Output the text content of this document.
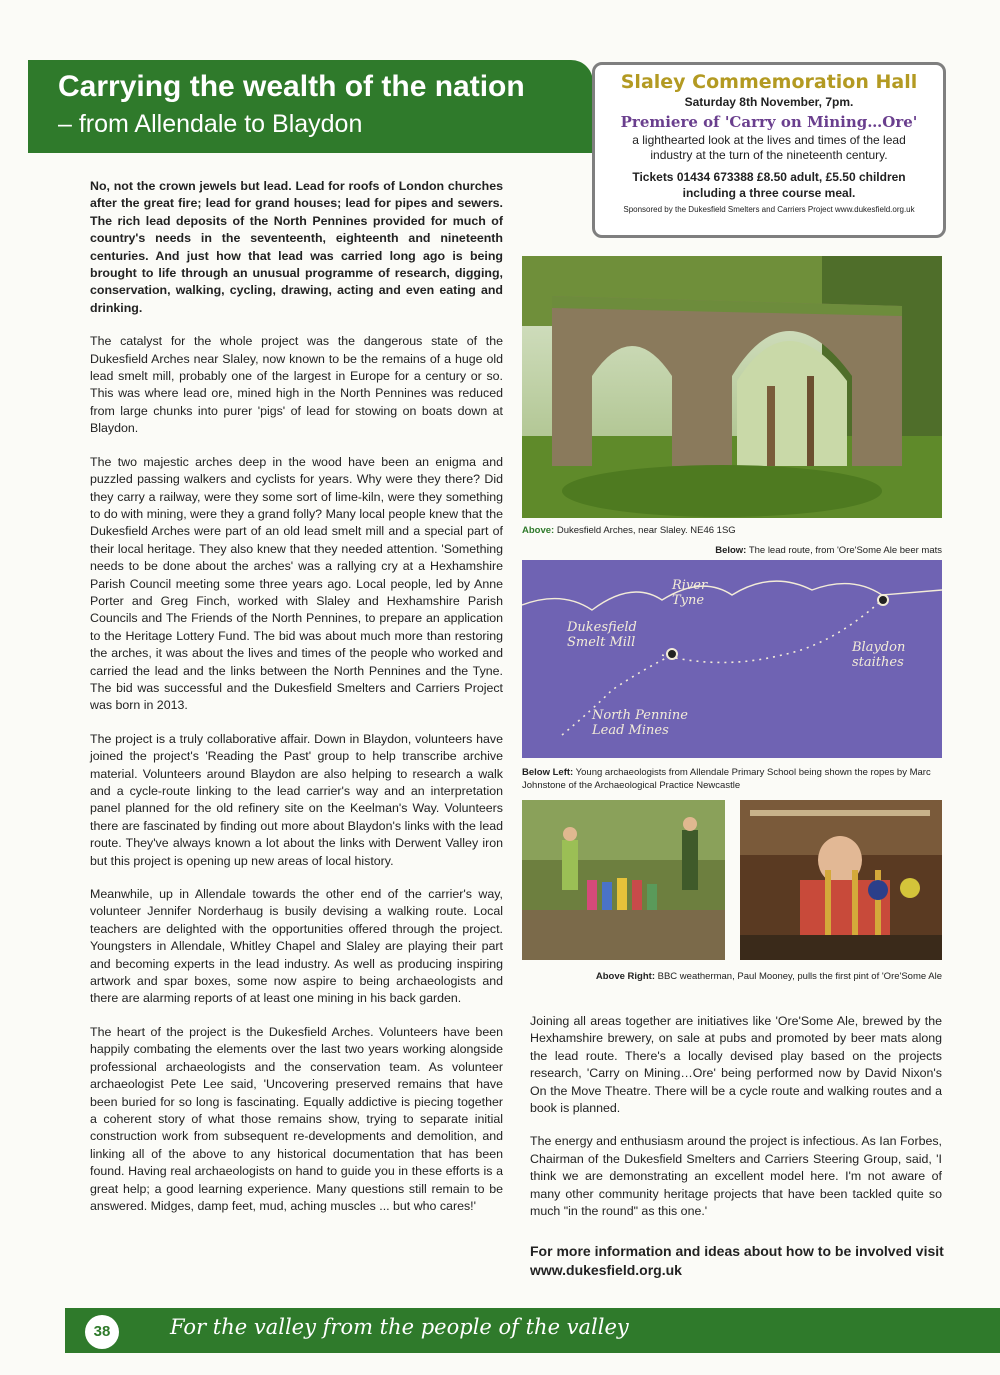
Carrying the wealth of the nation
– from Allendale to Blaydon
Slaley Commemoration Hall
Saturday 8th November, 7pm.
Premiere of 'Carry on Mining…Ore'
a lighthearted look at the lives and times of the lead industry at the turn of the nineteenth century.
Tickets 01434 673388 £8.50 adult, £5.50 children
including a three course meal.
Sponsored by the Dukesfield Smelters and Carriers Project www.dukesfield.org.uk

No, not the crown jewels but lead. Lead for roofs of London churches after the great fire; lead for grand houses; lead for pipes and sewers. The rich lead deposits of the North Pennines provided for much of country's needs in the seventeenth, eighteenth and nineteenth centuries. And just how that lead was carried long ago is being brought to life through an unusual programme of research, digging, conservation, walking, cycling, drawing, acting and even eating and drinking.

The catalyst for the whole project was the dangerous state of the Dukesfield Arches near Slaley, now known to be the remains of a huge old lead smelt mill, probably one of the largest in Europe for a century or so. This was where lead ore, mined high in the North Pennines was reduced from large chunks into purer 'pigs' of lead for stowing on boats down at Blaydon.

The two majestic arches deep in the wood have been an enigma and puzzled passing walkers and cyclists for years. Why were they there? Did they carry a railway, were they some sort of lime-kiln, were they something to do with mining, were they a grand folly? Many local people knew that the Dukesfield Arches were part of an old lead smelt mill and a special part of their local heritage. They also knew that they needed attention. 'Something needs to be done about the arches' was a rallying cry at a Hexhamshire Parish Council meeting some three years ago. Local people, led by Anne Porter and Greg Finch, worked with Slaley and Hexhamshire Parish Councils and The Friends of the North Pennines, to prepare an application to the Heritage Lottery Fund. The bid was about much more than restoring the arches, it was about the lives and times of the people who worked and carried the lead and the links between the North Pennines and the Tyne. The bid was successful and the Dukesfield Smelters and Carriers Project was born in 2013.

The project is a truly collaborative affair. Down in Blaydon, volunteers have joined the project's 'Reading the Past' group to help transcribe archive material. Volunteers around Blaydon are also helping to research a walk and a cycle-route linking to the lead carrier's way and an interpretation panel planned for the old refinery site on the Keelman's Way. Volunteers there are fascinated by finding out more about Blaydon's links with the lead route. They've always known a lot about the links with Derwent Valley iron but this project is opening up new areas of local history.

Meanwhile, up in Allendale towards the other end of the carrier's way, volunteer Jennifer Norderhaug is busily devising a walking route. Local teachers are delighted with the opportunities offered through the project. Youngsters in Allendale, Whitley Chapel and Slaley are playing their part and becoming experts in the lead industry. As well as producing inspiring artwork and spar boxes, some now aspire to being archaeologists and there are alarming reports of at least one mining in his back garden.

The heart of the project is the Dukesfield Arches. Volunteers have been happily combating the elements over the last two years working alongside professional archaeologists and the conservation team. As volunteer archaeologist Pete Lee said, 'Uncovering preserved remains that have been buried for so long is fascinating. Equally addictive is piecing together a coherent story of what those remains show, trying to separate initial construction work from subsequent re-developments and demolition, and linking all of the above to any historical documentation that has been found. Having real archaeologists on hand to guide you in these efforts is a great help; a good learning experience. Many questions still remain to be answered. Midges, damp feet, mud, aching muscles ... but who cares!'

Above: Dukesfield Arches, near Slaley. NE46 1SG
Below: The lead route, from 'Ore'Some Ale beer mats
River Tyne
Dukesfield Smelt Mill	Blaydon staithes
North Pennine Lead Mines
Below Left: Young archaeologists from Allendale Primary School being shown the ropes by Marc Johnstone of the Archaeological Practice Newcastle
Above Right: BBC weatherman, Paul Mooney, pulls the first pint of 'Ore'Some Ale

Joining all areas together are initiatives like 'Ore'Some Ale, brewed by the Hexhamshire brewery, on sale at pubs and promoted by beer mats along the lead route. There's a locally devised play based on the projects research, 'Carry on Mining…Ore' being performed now by David Nixon's On the Move Theatre. There will be a cycle route and walking routes and a book is planned.

The energy and enthusiasm around the project is infectious. As Ian Forbes, Chairman of the Dukesfield Smelters and Carriers Steering Group, said, 'I think we are demonstrating an excellent model here. I'm not aware of many other community heritage projects that have been tackled quite so much "in the round" as this one.'

For more information and ideas about how to be involved visit www.dukesfield.org.uk
38	For the valley from the people of the valley
